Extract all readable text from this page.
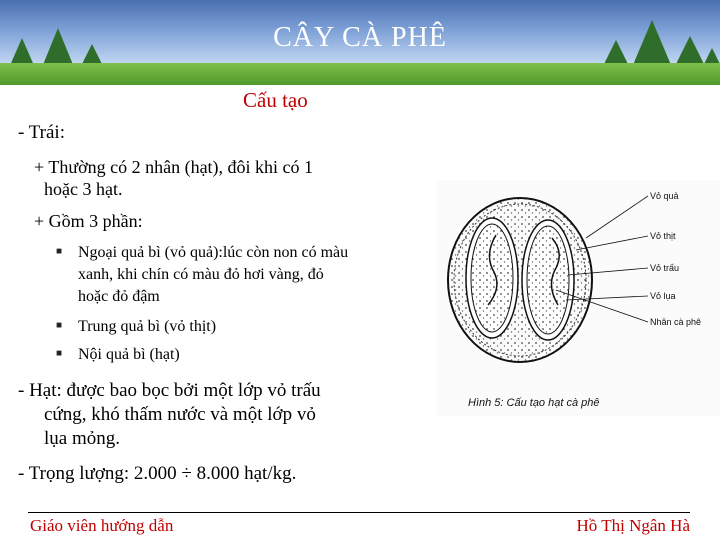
CÂY CÀ PHÊ
Cấu tạo
- Trái:
+ Thường có 2 nhân (hạt), đôi khi có 1
hoặc 3 hạt.
+ Gồm 3 phần:
■ Ngoại quả bì (vỏ quả):lúc còn non có màu
xanh, khi chín có màu đỏ hơi vàng, đỏ
hoặc đỏ đậm
■ Trung quả bì (vỏ thịt)
■ Nội quả bì (hạt)
- Hạt: được bao bọc bởi một lớp vỏ trấu
cứng, khó thấm nước và một lớp vỏ
lụa mỏng.
- Trọng lượng: 2.000 ÷ 8.000 hạt/kg.
Vỏ quả
Vỏ thịt
Vỏ trấu
Vỏ lụa
Nhân cà phê
Hình 5: Cấu tạo hạt cà phê
Giáo viên hướng dẫn	Hồ Thị Ngân Hà
